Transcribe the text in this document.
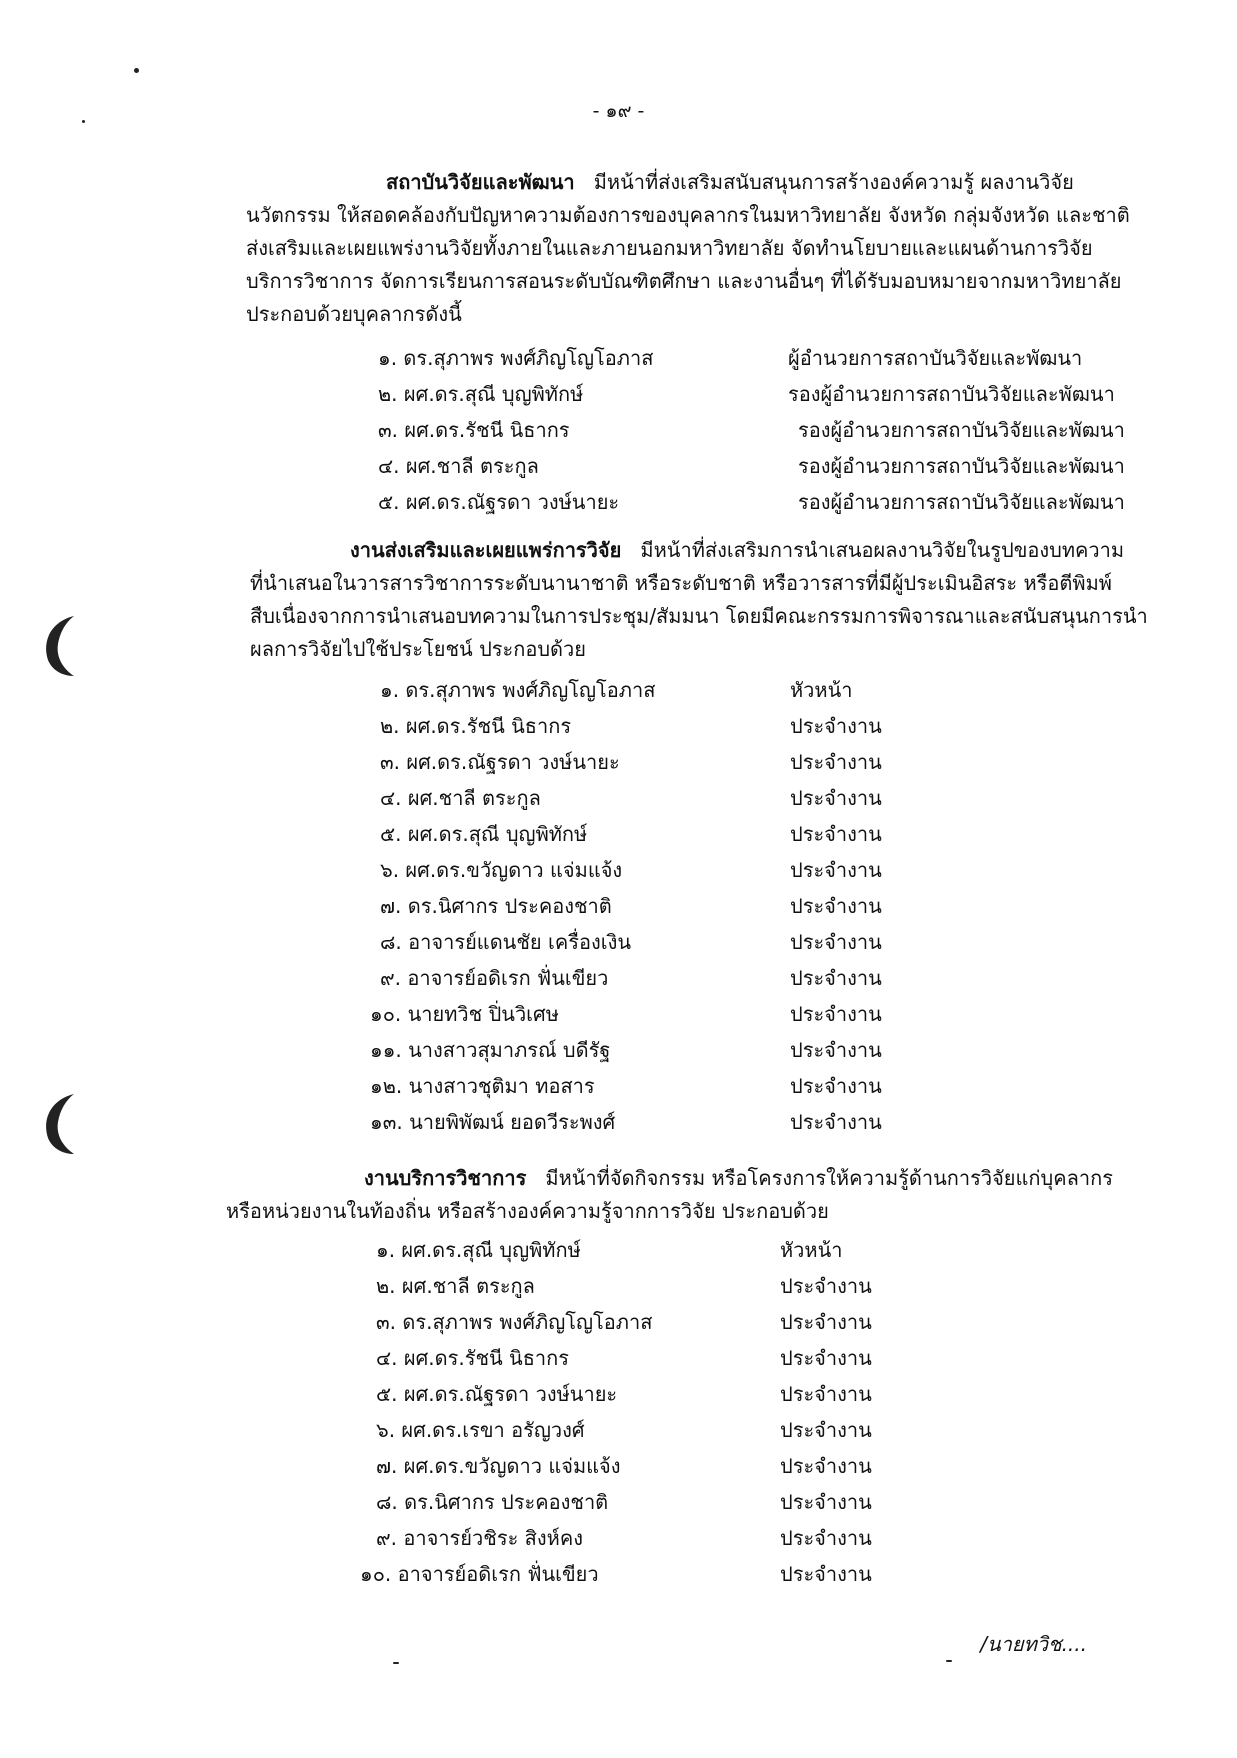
- ๑๙ -
สถาบันวิจัยและพัฒนา มีหน้าที่ส่งเสริมสนับสนุนการสร้างองค์ความรู้ ผลงานวิจัย
นวัตกรรม ให้สอดคล้องกับปัญหาความต้องการของบุคลากรในมหาวิทยาลัย จังหวัด กลุ่มจังหวัด และชาติ
ส่งเสริมและเผยแพร่งานวิจัยทั้งภายในและภายนอกมหาวิทยาลัย จัดทำนโยบายและแผนด้านการวิจัย
บริการวิชาการ จัดการเรียนการสอนระดับบัณฑิตศึกษา และงานอื่นๆ ที่ได้รับมอบหมายจากมหาวิทยาลัย
ประกอบด้วยบุคลากรดังนี้
๑. ดร.สุภาพร พงศ์ภิญโญโอภาส	ผู้อำนวยการสถาบันวิจัยและพัฒนา
๒. ผศ.ดร.สุณี บุญพิทักษ์	รองผู้อำนวยการสถาบันวิจัยและพัฒนา
๓. ผศ.ดร.รัชนี นิธากร	รองผู้อำนวยการสถาบันวิจัยและพัฒนา
๔. ผศ.ชาลี ตระกูล	รองผู้อำนวยการสถาบันวิจัยและพัฒนา
๕. ผศ.ดร.ณัฐรดา วงษ์นายะ	รองผู้อำนวยการสถาบันวิจัยและพัฒนา
งานส่งเสริมและเผยแพร่การวิจัย มีหน้าที่ส่งเสริมการนำเสนอผลงานวิจัยในรูปของบทความ
ที่นำเสนอในวารสารวิชาการระดับนานาชาติ หรือระดับชาติ หรือวารสารที่มีผู้ประเมินอิสระ หรือตีพิมพ์
สืบเนื่องจากการนำเสนอบทความในการประชุม/สัมมนา โดยมีคณะกรรมการพิจารณาและสนับสนุนการนำ
ผลการวิจัยไปใช้ประโยชน์ ประกอบด้วย
๑. ดร.สุภาพร พงศ์ภิญโญโอภาส	หัวหน้า
๒. ผศ.ดร.รัชนี นิธากร	ประจำงาน
๓. ผศ.ดร.ณัฐรดา วงษ์นายะ	ประจำงาน
๔. ผศ.ชาลี ตระกูล	ประจำงาน
๕. ผศ.ดร.สุณี บุญพิทักษ์	ประจำงาน
๖. ผศ.ดร.ขวัญดาว แจ่มแจ้ง	ประจำงาน
๗. ดร.นิศากร ประคองชาติ	ประจำงาน
๘. อาจารย์แดนชัย เครื่องเงิน	ประจำงาน
๙. อาจารย์อดิเรก ฟั่นเขียว	ประจำงาน
๑๐. นายทวิช ปิ่นวิเศษ	ประจำงาน
๑๑. นางสาวสุมาภรณ์ บดีรัฐ	ประจำงาน
๑๒. นางสาวชุติมา ทอสาร	ประจำงาน
๑๓. นายพิพัฒน์ ยอดวีระพงศ์	ประจำงาน
งานบริการวิชาการ มีหน้าที่จัดกิจกรรม หรือโครงการให้ความรู้ด้านการวิจัยแก่บุคลากร
หรือหน่วยงานในท้องถิ่น หรือสร้างองค์ความรู้จากการวิจัย ประกอบด้วย
๑. ผศ.ดร.สุณี บุญพิทักษ์	หัวหน้า
๒. ผศ.ชาลี ตระกูล	ประจำงาน
๓. ดร.สุภาพร พงศ์ภิญโญโอภาส	ประจำงาน
๔. ผศ.ดร.รัชนี นิธากร	ประจำงาน
๕. ผศ.ดร.ณัฐรดา วงษ์นายะ	ประจำงาน
๖. ผศ.ดร.เรขา อรัญวงศ์	ประจำงาน
๗. ผศ.ดร.ขวัญดาว แจ่มแจ้ง	ประจำงาน
๘. ดร.นิศากร ประคองชาติ	ประจำงาน
๙. อาจารย์วชิระ สิงห์คง	ประจำงาน
๑๐. อาจารย์อดิเรก ฟั่นเขียว	ประจำงาน
/นายทวิช....
